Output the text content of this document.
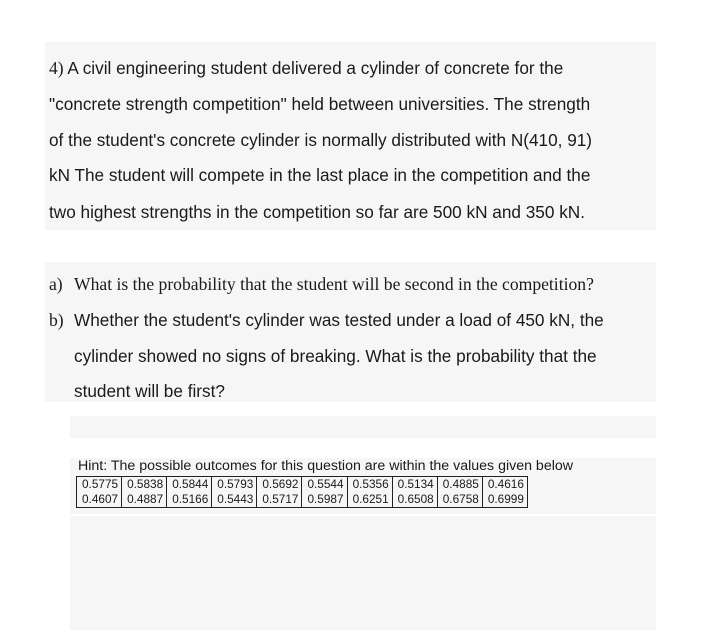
4) A civil engineering student delivered a cylinder of concrete for the
"concrete strength competition" held between universities. The strength
of the student's concrete cylinder is normally distributed with N(410, 91)
kN The student will compete in the last place in the competition and the
two highest strengths in the competition so far are 500 kN and 350 kN.
a) What is the probability that the student will be second in the competition?
b) Whether the student's cylinder was tested under a load of 450 kN, the
cylinder showed no signs of breaking. What is the probability that the
student will be first?
Hint: The possible outcomes for this question are within the values given below
0.5775	0.5838	0.5844	0.5793	0.5692	0.5544	0.5356	0.5134	0.4885	0.4616
0.4607	0.4887	0.5166	0.5443	0.5717	0.5987	0.6251	0.6508	0.6758	0.6999
